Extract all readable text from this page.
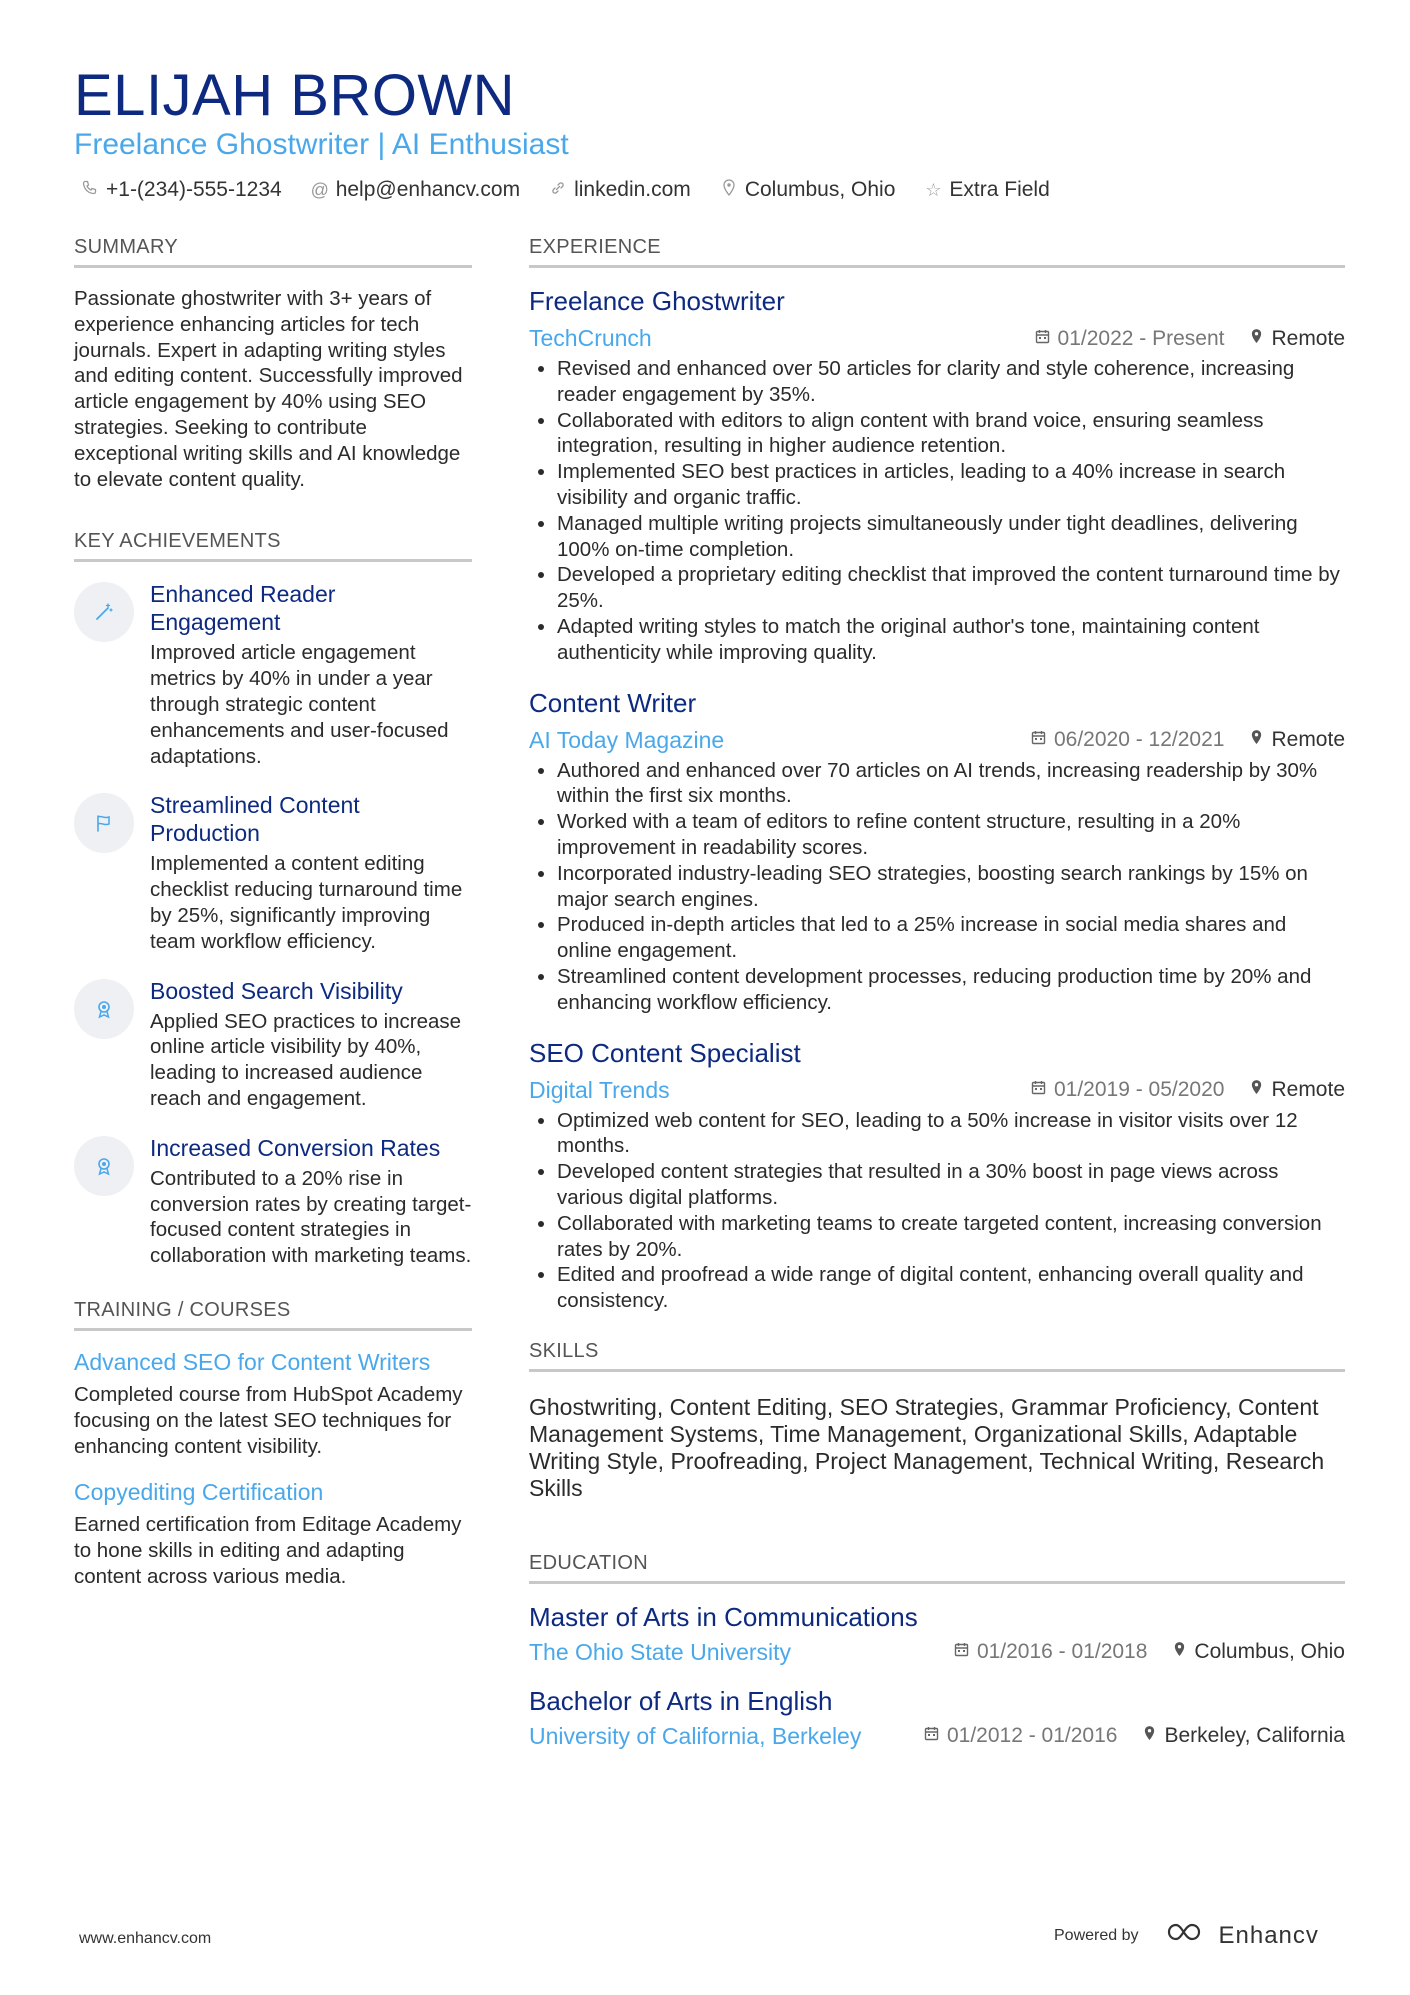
ELIJAH BROWN
Freelance Ghostwriter | AI Enthusiast
+1-(234)-555-1234 @ help@enhancv.com	linkedin.com	Columbus, Ohio ☆ Extra Field
SUMMARY
Passionate ghostwriter with 3+ years of experience enhancing articles for tech journals. Expert in adapting writing styles and editing content. Successfully improved article engagement by 40% using SEO strategies. Seeking to contribute exceptional writing skills and AI knowledge to elevate content quality.
KEY ACHIEVEMENTS
Enhanced Reader Engagement
Improved article engagement metrics by 40% in under a year through strategic content enhancements and user-focused adaptations.
Streamlined Content Production
Implemented a content editing checklist reducing turnaround time by 25%, significantly improving team workflow efficiency.
Boosted Search Visibility
Applied SEO practices to increase online article visibility by 40%, leading to increased audience reach and engagement.
Increased Conversion Rates
Contributed to a 20% rise in conversion rates by creating target-focused content strategies in collaboration with marketing teams.
TRAINING / COURSES
Advanced SEO for Content Writers
Completed course from HubSpot Academy focusing on the latest SEO techniques for enhancing content visibility.
Copyediting Certification
Earned certification from Editage Academy to hone skills in editing and adapting content across various media.
EXPERIENCE
Freelance Ghostwriter
TechCrunch	01/2022 - Present Remote
• Revised and enhanced over 50 articles for clarity and style coherence, increasing reader engagement by 35%.
• Collaborated with editors to align content with brand voice, ensuring seamless integration, resulting in higher audience retention.
• Implemented SEO best practices in articles, leading to a 40% increase in search visibility and organic traffic.
• Managed multiple writing projects simultaneously under tight deadlines, delivering 100% on-time completion.
• Developed a proprietary editing checklist that improved the content turnaround time by 25%.
• Adapted writing styles to match the original author's tone, maintaining content authenticity while improving quality.
Content Writer
AI Today Magazine	06/2020 - 12/2021 Remote
• Authored and enhanced over 70 articles on AI trends, increasing readership by 30% within the first six months.
• Worked with a team of editors to refine content structure, resulting in a 20% improvement in readability scores.
• Incorporated industry-leading SEO strategies, boosting search rankings by 15% on major search engines.
• Produced in-depth articles that led to a 25% increase in social media shares and online engagement.
• Streamlined content development processes, reducing production time by 20% and enhancing workflow efficiency.
SEO Content Specialist
Digital Trends	01/2019 - 05/2020 Remote
• Optimized web content for SEO, leading to a 50% increase in visitor visits over 12 months.
• Developed content strategies that resulted in a 30% boost in page views across various digital platforms.
• Collaborated with marketing teams to create targeted content, increasing conversion rates by 20%.
• Edited and proofread a wide range of digital content, enhancing overall quality and consistency.
SKILLS
Ghostwriting, Content Editing, SEO Strategies, Grammar Proficiency, Content Management Systems, Time Management, Organizational Skills, Adaptable Writing Style, Proofreading, Project Management, Technical Writing, Research Skills
EDUCATION
Master of Arts in Communications
The Ohio State University	01/2016 - 01/2018 Columbus, Ohio
Bachelor of Arts in English
University of California, Berkeley	01/2012 - 01/2016 Berkeley, California
www.enhancv.com	Powered by	Enhancv
